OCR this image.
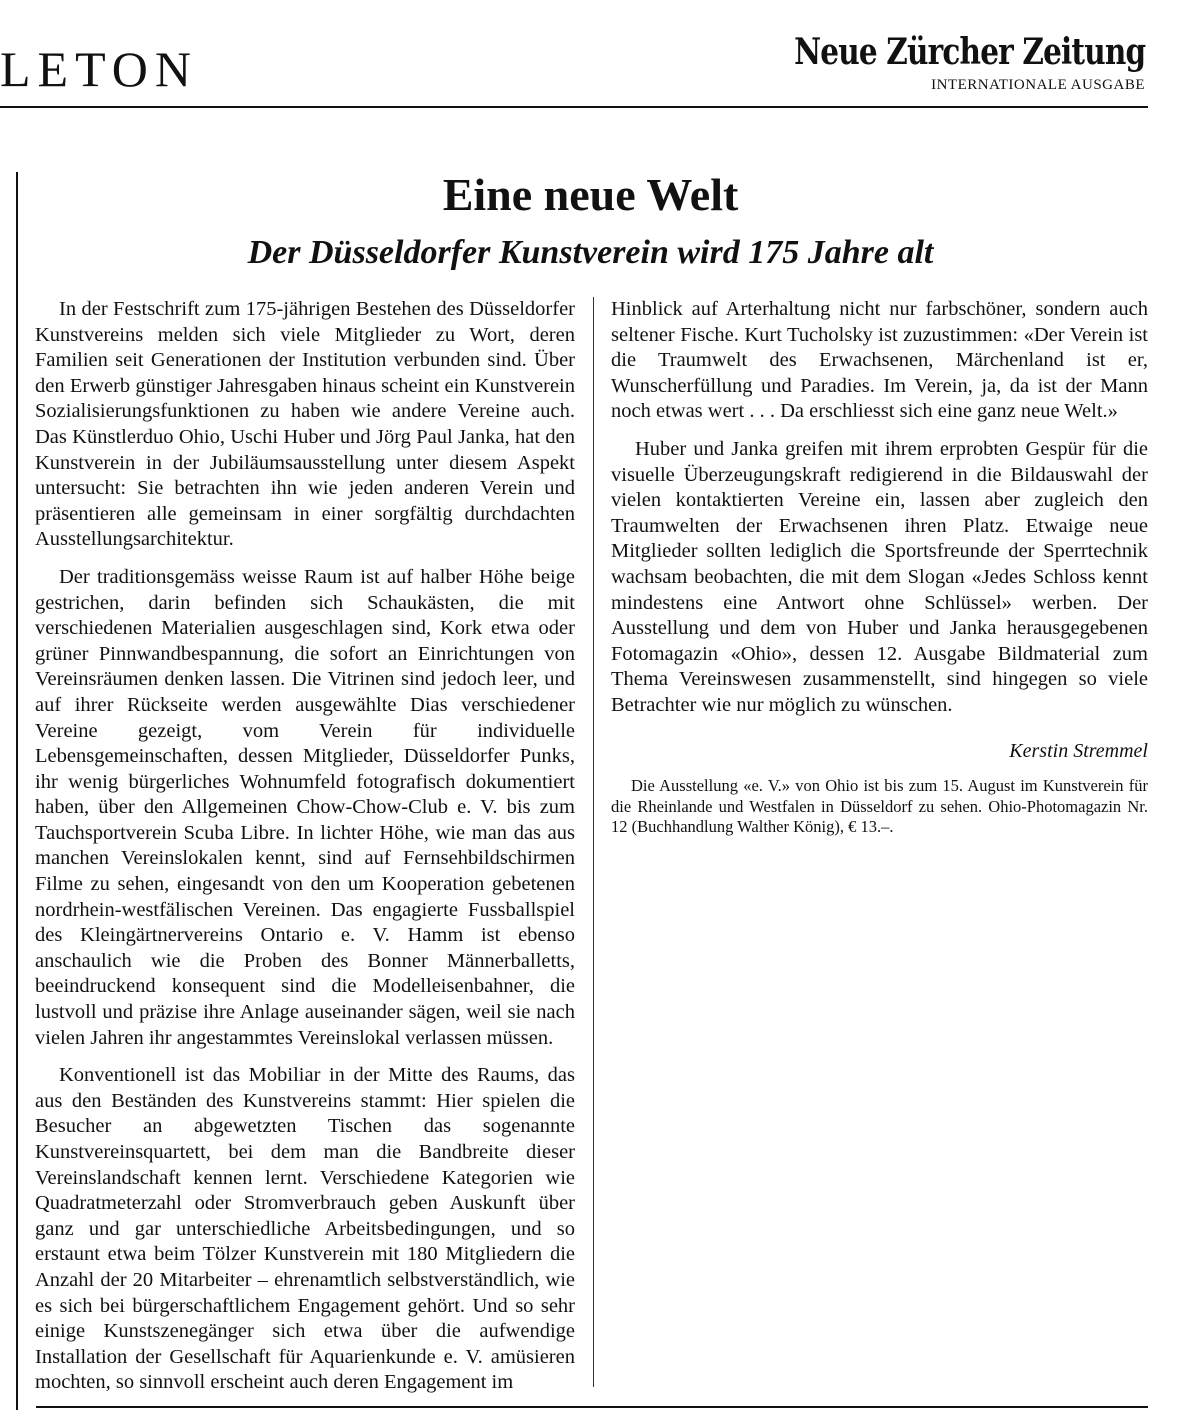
LETON	Neue Zürcher Zeitung
INTERNATIONALE AUSGABE
Eine neue Welt
Der Düsseldorfer Kunstverein wird 175 Jahre alt

In der Festschrift zum 175-jährigen Bestehen des Düsseldorfer Kunstvereins melden sich viele Mitglieder zu Wort, deren Familien seit Generationen der Institution verbunden sind. Über den Erwerb günstiger Jahresgaben hinaus scheint ein Kunstverein Sozialisierungsfunktionen zu haben wie andere Vereine auch. Das Künstlerduo Ohio, Uschi Huber und Jörg Paul Janka, hat den Kunstverein in der Jubiläumsausstellung unter diesem Aspekt untersucht: Sie betrachten ihn wie jeden anderen Verein und präsentieren alle gemeinsam in einer sorgfältig durchdachten Ausstellungsarchitektur.

Der traditionsgemäss weisse Raum ist auf halber Höhe beige gestrichen, darin befinden sich Schaukästen, die mit verschiedenen Materialien ausgeschlagen sind, Kork etwa oder grüner Pinnwandbespannung, die sofort an Einrichtungen von Vereinsräumen denken lassen. Die Vitrinen sind jedoch leer, und auf ihrer Rückseite werden ausgewählte Dias verschiedener Vereine gezeigt, vom Verein für individuelle Lebensgemeinschaften, dessen Mitglieder, Düsseldorfer Punks, ihr wenig bürgerliches Wohnumfeld fotografisch dokumentiert haben, über den Allgemeinen Chow-Chow-Club e. V. bis zum Tauchsportverein Scuba Libre. In lichter Höhe, wie man das aus manchen Vereinslokalen kennt, sind auf Fernsehbildschirmen Filme zu sehen, eingesandt von den um Kooperation gebetenen nordrhein-westfälischen Vereinen. Das engagierte Fussballspiel des Kleingärtnervereins Ontario e. V. Hamm ist ebenso anschaulich wie die Proben des Bonner Männerballetts, beeindruckend konsequent sind die Modelleisenbahner, die lustvoll und präzise ihre Anlage auseinander sägen, weil sie nach vielen Jahren ihr angestammtes Vereinslokal verlassen müssen.

Konventionell ist das Mobiliar in der Mitte des Raums, das aus den Beständen des Kunstvereins stammt: Hier spielen die Besucher an abgewetzten Tischen das sogenannte Kunstvereinsquartett, bei dem man die Bandbreite dieser Vereinslandschaft kennen lernt. Verschiedene Kategorien wie Quadratmeterzahl oder Stromverbrauch geben Auskunft über ganz und gar unterschiedliche Arbeitsbedingungen, und so erstaunt etwa beim Tölzer Kunstverein mit 180 Mitgliedern die Anzahl der 20 Mitarbeiter – ehrenamtlich selbstverständlich, wie es sich bei bürgerschaftlichem Engagement gehört. Und so sehr einige Kunstszenegänger sich etwa über die aufwendige Installation der Gesellschaft für Aquarienkunde e. V. amüsieren mochten, so sinnvoll erscheint auch deren Engagement im

Hinblick auf Arterhaltung nicht nur farbschöner, sondern auch seltener Fische. Kurt Tucholsky ist zuzustimmen: «Der Verein ist die Traumwelt des Erwachsenen, Märchenland ist er, Wunscherfüllung und Paradies. Im Verein, ja, da ist der Mann noch etwas wert . . . Da erschliesst sich eine ganz neue Welt.»

Huber und Janka greifen mit ihrem erprobten Gespür für die visuelle Überzeugungskraft redigierend in die Bildauswahl der vielen kontaktierten Vereine ein, lassen aber zugleich den Traumwelten der Erwachsenen ihren Platz. Etwaige neue Mitglieder sollten lediglich die Sportsfreunde der Sperrtechnik wachsam beobachten, die mit dem Slogan «Jedes Schloss kennt mindestens eine Antwort ohne Schlüssel» werben. Der Ausstellung und dem von Huber und Janka herausgegebenen Fotomagazin «Ohio», dessen 12. Ausgabe Bildmaterial zum Thema Vereinswesen zusammenstellt, sind hingegen so viele Betrachter wie nur möglich zu wünschen.

Kerstin Stremmel
Die Ausstellung «e. V.» von Ohio ist bis zum 15. August im Kunstverein für die Rheinlande und Westfalen in Düsseldorf zu sehen. Ohio-Photomagazin Nr. 12 (Buchhandlung Walther König), € 13.–.
